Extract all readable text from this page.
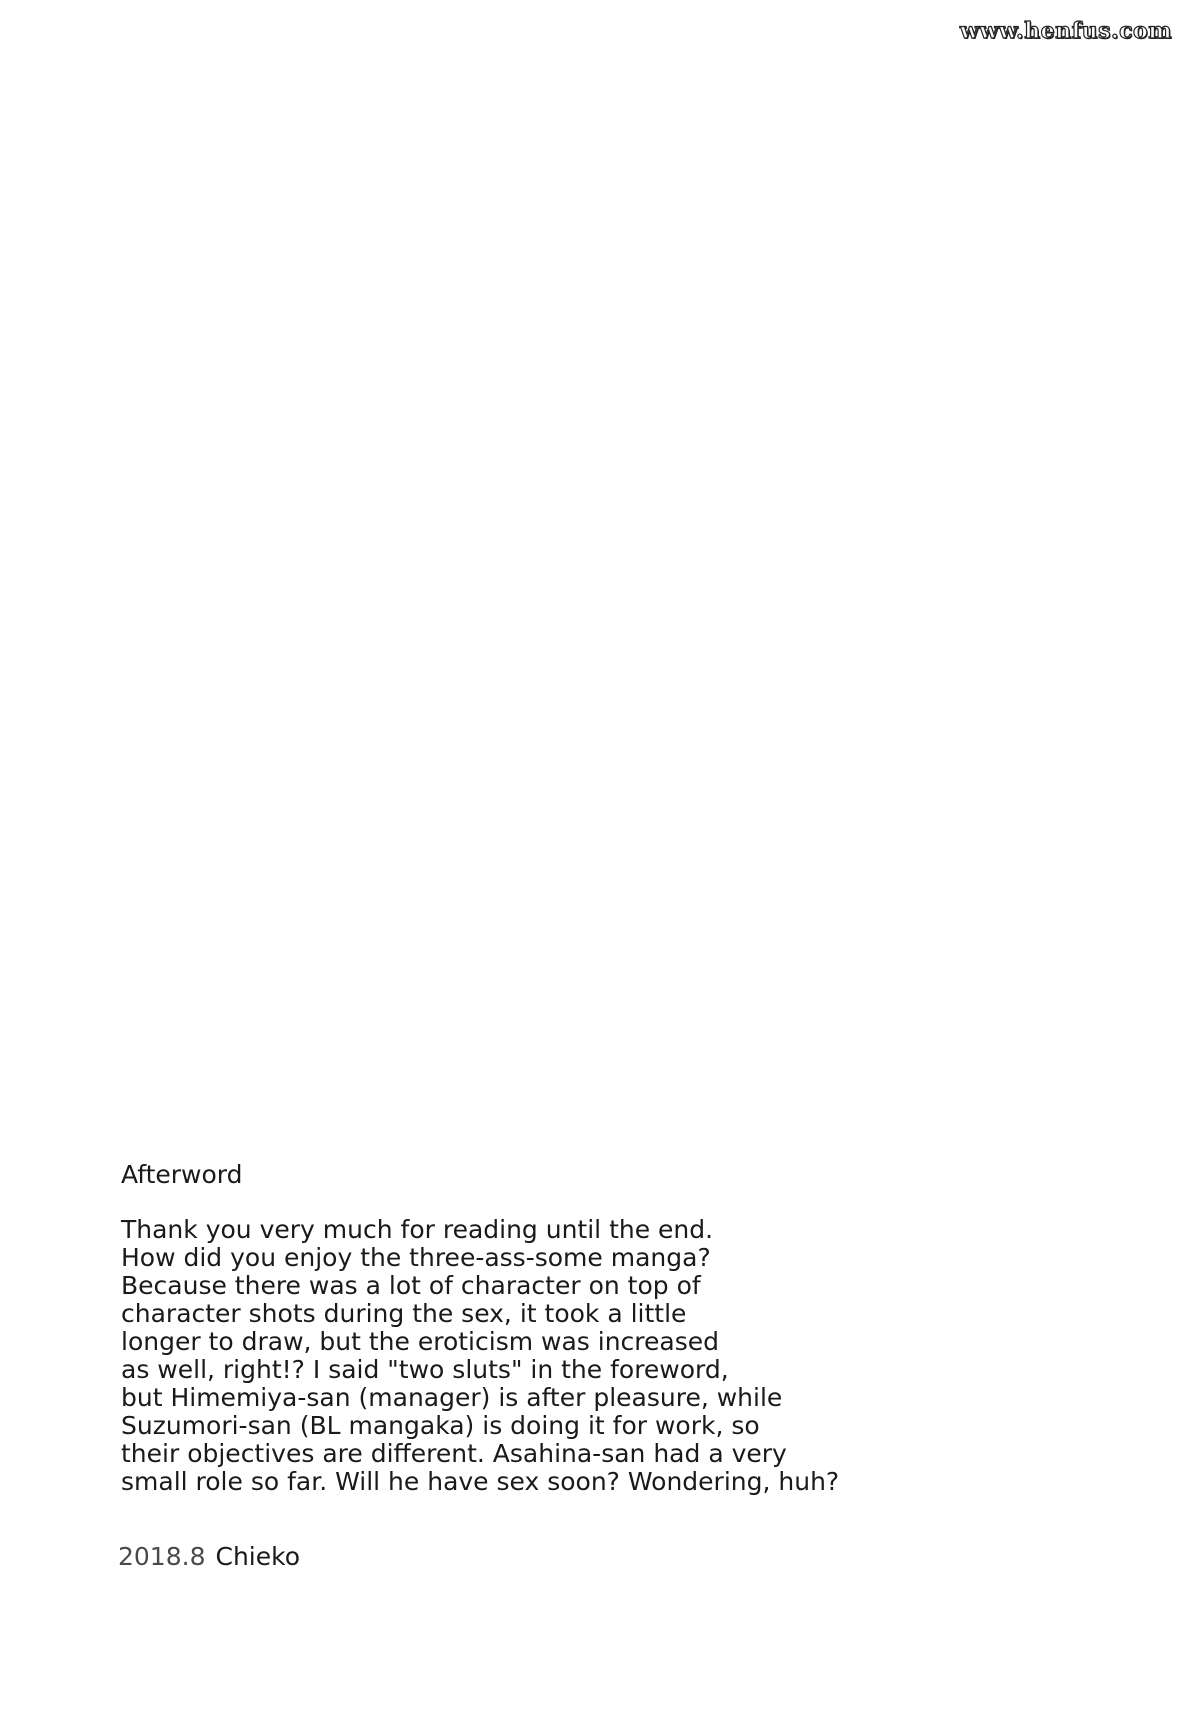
www.henfus.com
Afterword
Thank you very much for reading until the end.
How did you enjoy the three-ass-some manga?
Because there was a lot of character on top of
character shots during the sex, it took a little
longer to draw, but the eroticism was increased
as well, right!? I said "two sluts" in the foreword,
but Himemiya-san (manager) is after pleasure, while
Suzumori-san (BL mangaka) is doing it for work, so
their objectives are different. Asahina-san had a very
small role so far. Will he have sex soon? Wondering, huh?
2018.8 Chieko
